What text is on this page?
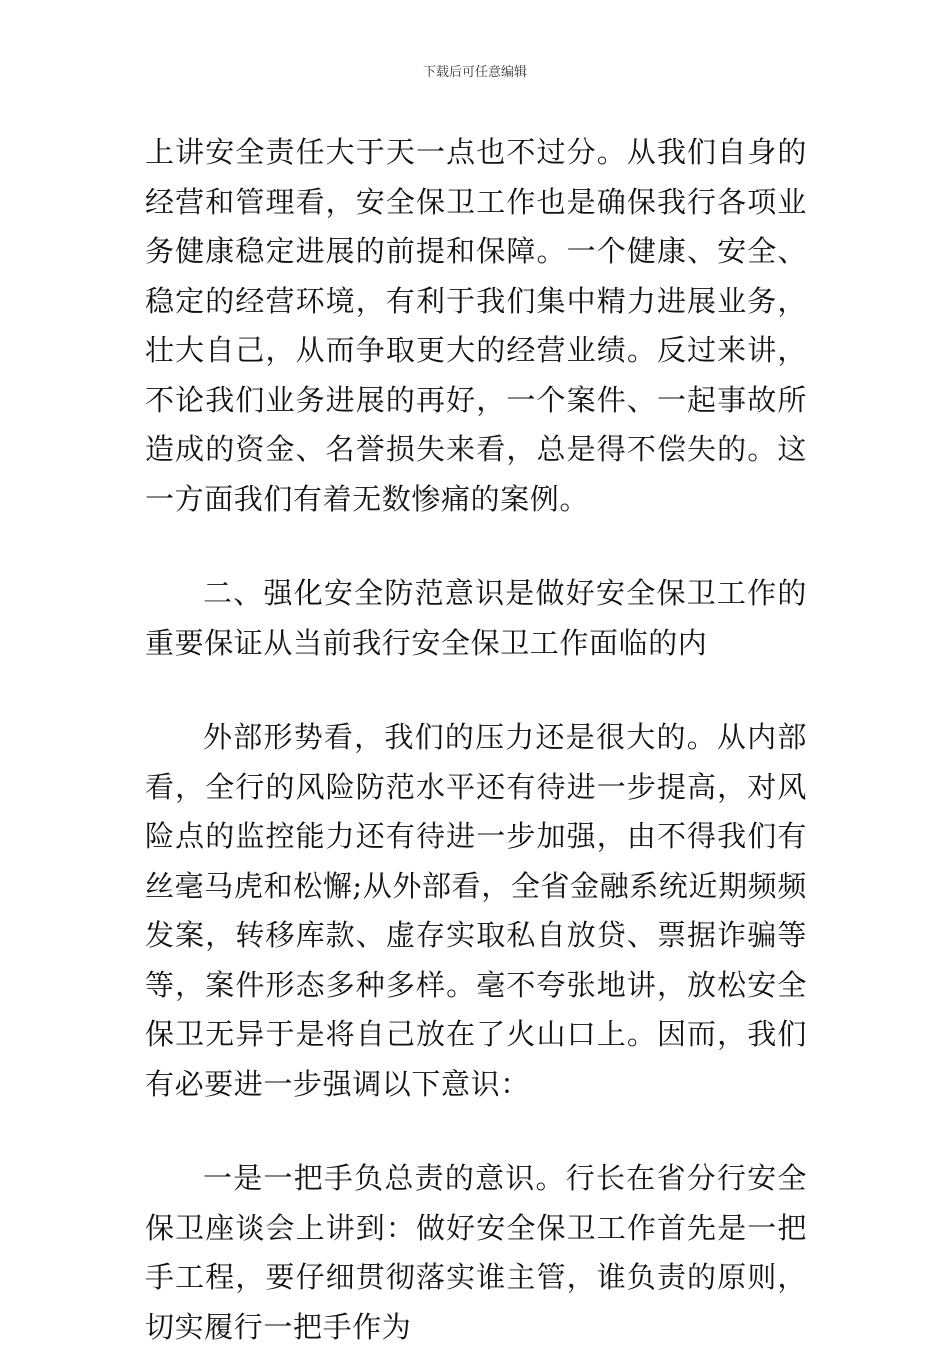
下载后可任意编辑

上讲安全责任大于天一点也不过分。从我们自身的经营和管理看，安全保卫工作也是确保我行各项业务健康稳定进展的前提和保障。一个健康、安全、稳定的经营环境，有利于我们集中精力进展业务，壮大自己，从而争取更大的经营业绩。反过来讲，不论我们业务进展的再好，一个案件、一起事故所造成的资金、名誉损失来看，总是得不偿失的。这一方面我们有着无数惨痛的案例。

二、强化安全防范意识是做好安全保卫工作的重要保证从当前我行安全保卫工作面临的内

外部形势看，我们的压力还是很大的。从内部看，全行的风险防范水平还有待进一步提高，对风险点的监控能力还有待进一步加强，由不得我们有丝毫马虎和松懈;从外部看，全省金融系统近期频频发案，转移库款、虚存实取私自放贷、票据诈骗等等，案件形态多种多样。毫不夸张地讲，放松安全保卫无异于是将自己放在了火山口上。因而，我们有必要进一步强调以下意识：

一是一把手负总责的意识。行长在省分行安全保卫座谈会上讲到：做好安全保卫工作首先是一把手工程，要仔细贯彻落实谁主管，谁负责的原则，切实履行一把手作为
